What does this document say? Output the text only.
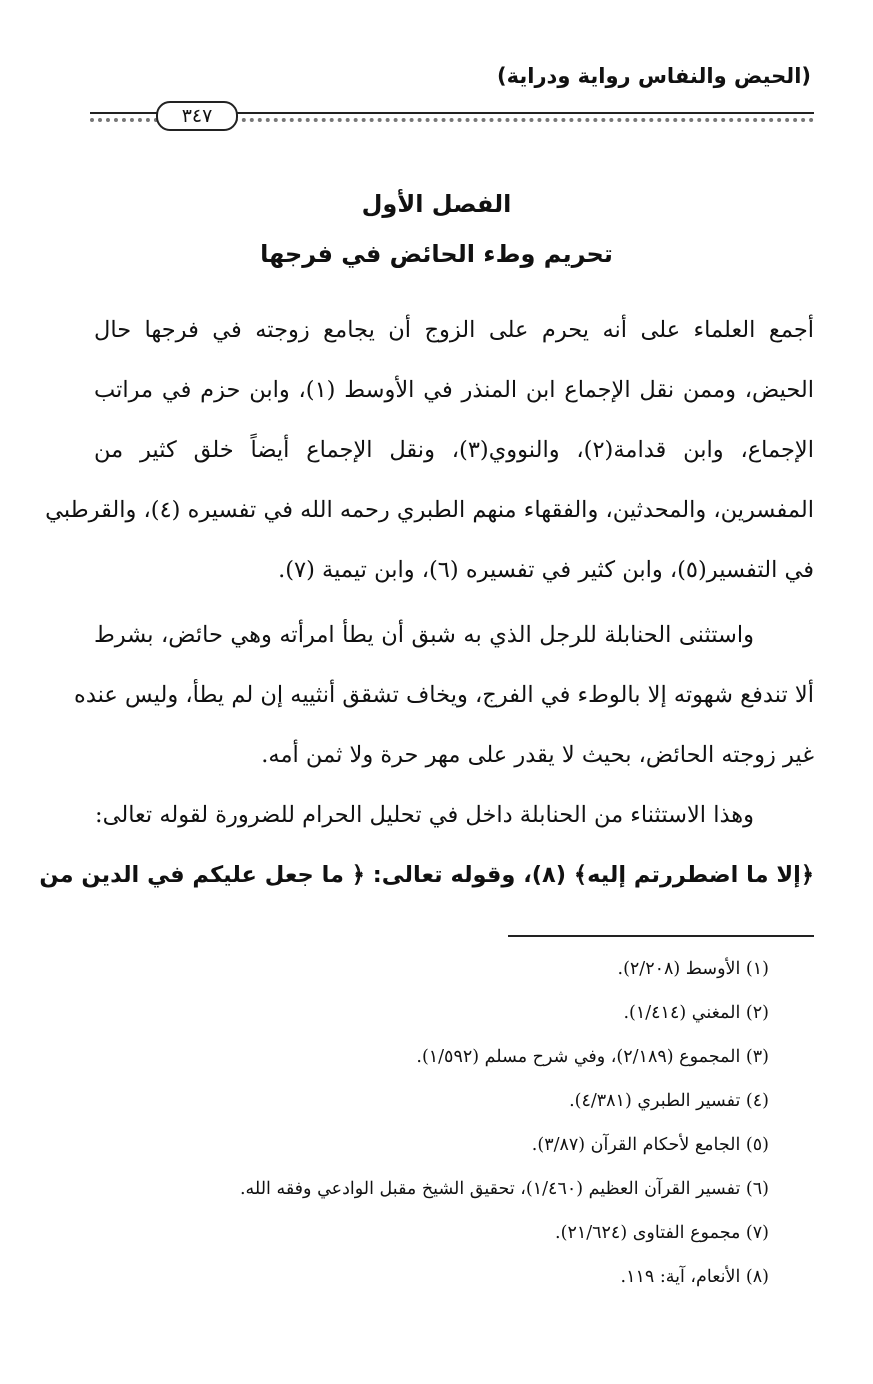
(الحيض والنفاس رواية ودراية)
٣٤٧
الفصل الأول
تحريم وطء الحائض في فرجها
أجمع العلماء على أنه يحرم على الزوج أن يجامع زوجته في فرجها حال
الحيض، وممن نقل الإجماع ابن المنذر في الأوسط (١)، وابن حزم في مراتب
الإجماع، وابن قدامة(٢)، والنووي(٣)، ونقل الإجماع أيضاً خلق كثير من
المفسرين، والمحدثين، والفقهاء منهم الطبري رحمه الله في تفسيره (٤)، والقرطبي
في التفسير(٥)، وابن كثير في تفسيره (٦)، وابن تيمية (٧).
واستثنى الحنابلة للرجل الذي به شبق أن يطأ امرأته وهي حائض، بشرط
ألا تندفع شهوته إلا بالوطء في الفرج، ويخاف تشقق أنثييه إن لم يطأ، وليس عنده
غير زوجته الحائض، بحيث لا يقدر على مهر حرة ولا ثمن أمه.
وهذا الاستثناء من الحنابلة داخل في تحليل الحرام للضرورة لقوله تعالى:
﴿إلا ما اضطررتم إليه﴾ (٨)، وقوله تعالى: ﴿ ما جعل عليكم في الدين من
(١) الأوسط (٢/٢٠٨).
(٢) المغني (١/٤١٤).
(٣) المجموع (٢/١٨٩)، وفي شرح مسلم (١/٥٩٢).
(٤) تفسير الطبري (٤/٣٨١).
(٥) الجامع لأحكام القرآن (٣/٨٧).
(٦) تفسير القرآن العظيم (١/٤٦٠)، تحقيق الشيخ مقبل الوادعي وفقه الله.
(٧) مجموع الفتاوى (٢١/٦٢٤).
(٨) الأنعام، آية: ١١٩.
